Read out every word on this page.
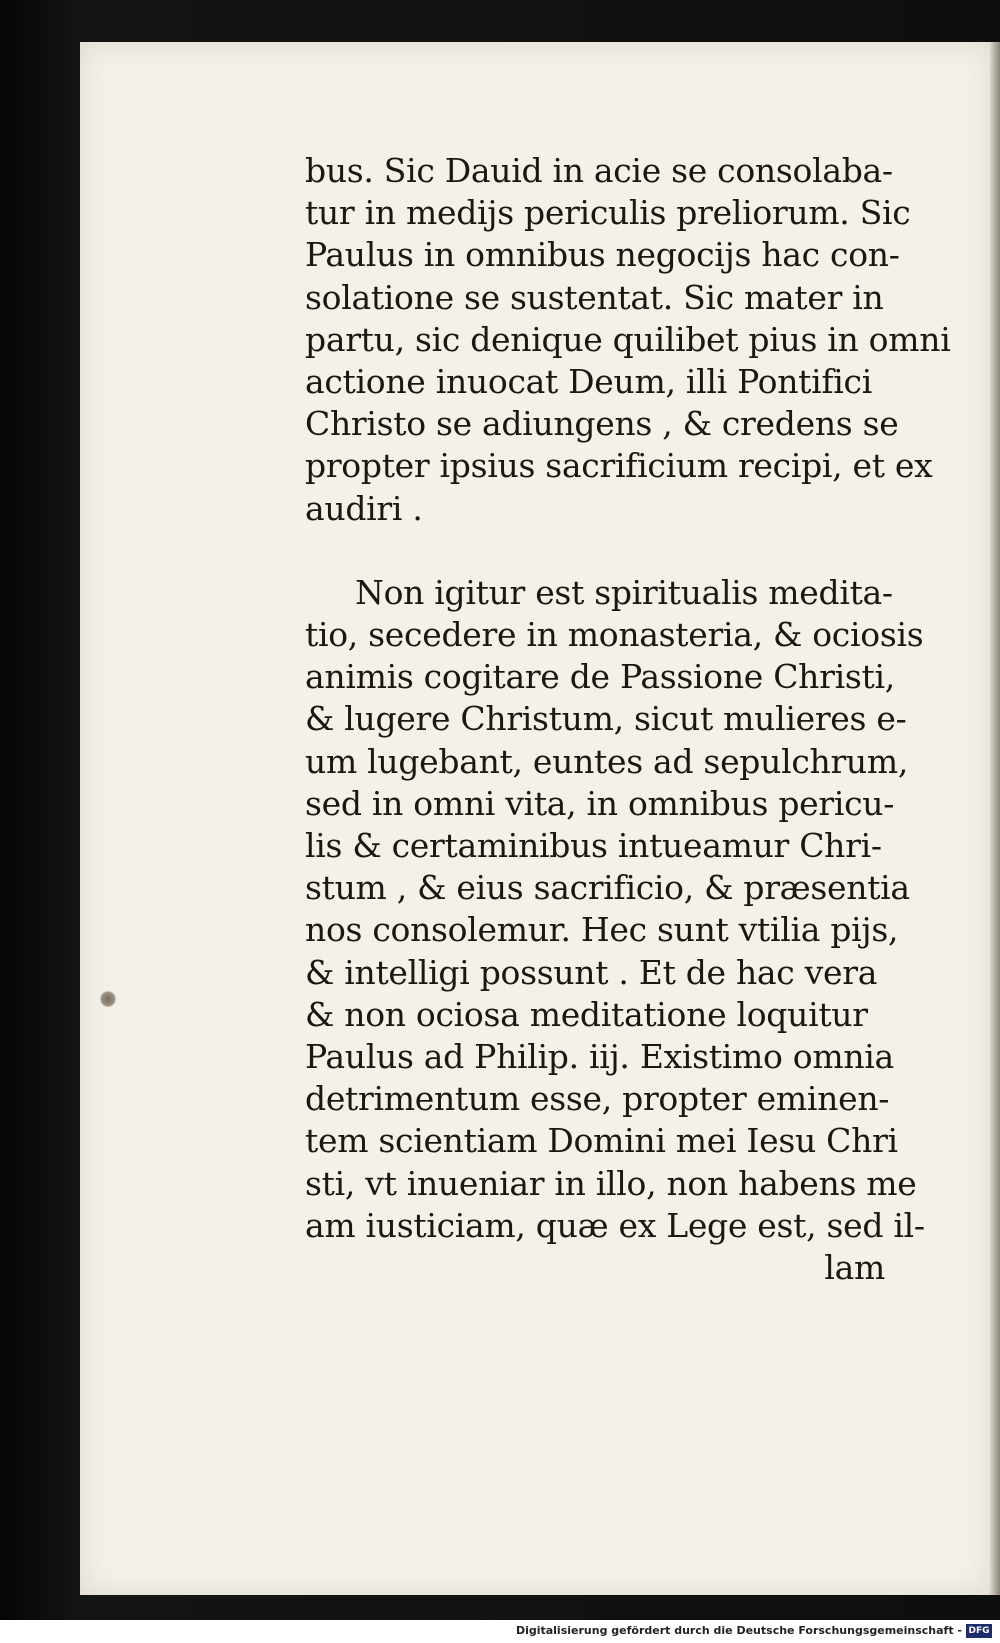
bus. Sic Dauid in acie se consolaba-
tur in medijs periculis preliorum. Sic
Paulus in omnibus negocijs hac con-
solatione se sustentat. Sic mater in
partu, sic denique quilibet pius in omni
actione inuocat Deum, illi Pontifici
Christo se adiungens , & credens se
propter ipsius sacrificium recipi, et ex
audiri .
Non igitur est spiritualis medita-
tio, secedere in monasteria, & ociosis
animis cogitare de Passione Christi,
& lugere Christum, sicut mulieres e-
um lugebant, euntes ad sepulchrum,
sed in omni vita, in omnibus pericu-
lis & certaminibus intueamur Chri-
stum , & eius sacrificio, & præsentia
nos consolemur. Hec sunt vtilia pijs,
& intelligi possunt . Et de hac vera
& non ociosa meditatione loquitur
Paulus ad Philip. iij. Existimo omnia
detrimentum esse, propter eminen-
tem scientiam Domini mei Iesu Chri
sti, vt inueniar in illo, non habens me
am iusticiam, quæ ex Lege est, sed il-
lam
Digitalisierung gefördert durch die Deutsche Forschungsgemeinschaft - DFG
